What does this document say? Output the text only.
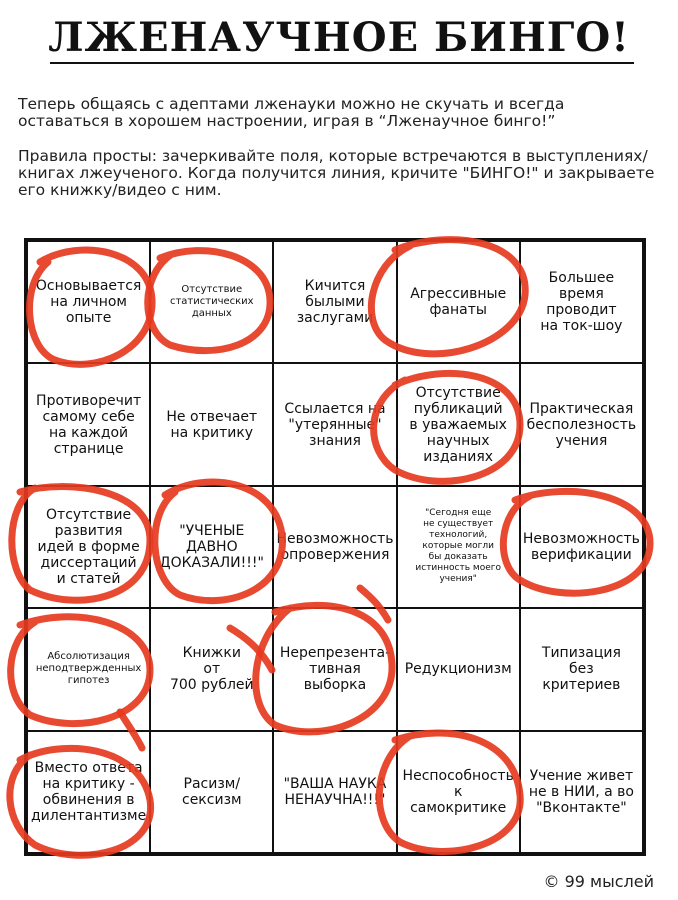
ЛЖЕНАУЧНОЕ БИНГО!
Теперь общаясь с адептами лженауки можно не скучать и всегда оставаться в хорошем настроении, играя в “Лженаучное бинго!”
Правила просты: зачеркивайте поля, которые встречаются в выступлениях/книгах лжеученого. Когда получится линия, кричите "БИНГО!" и закрываете его книжку/видео с ним.
Основывается
на личном
опыте
Отсутствие
статистических
данных
Кичится
былыми
заслугами
Агрессивные
фанаты
Большее
время
проводит
на ток-шоу
Противоречит
самому себе
на каждой
странице
Не отвечает
на критику
Ссылается на
"утерянные"
знания
Отсутствие
публикаций
в уважаемых
научных
изданиях
Практическая
бесполезность
учения
Отсутствие
развития
идей в форме
диссертаций
и статей
"УЧЕНЫЕ
ДАВНО
ДОКАЗАЛИ!!!"
Невозможность
опровержения
"Сегодня еще
не существует
технологий,
которые могли
бы доказать
истинность моего
учения"
Невозможность
верификации
Абсолютизация
неподтвержденных
гипотез
Книжки
от
700 рублей
Нерепрезента-
тивная
выборка
Редукционизм
Типизация
без
критериев
Вместо ответа
на критику -
обвинения в
дилентантизме
Расизм/сексизм
"ВАША НАУКА
НЕНАУЧНА!!!"
Неспособность
к
самокритике
Учение живет
не в НИИ, а во
"Вконтакте"
© 99 мыслей
